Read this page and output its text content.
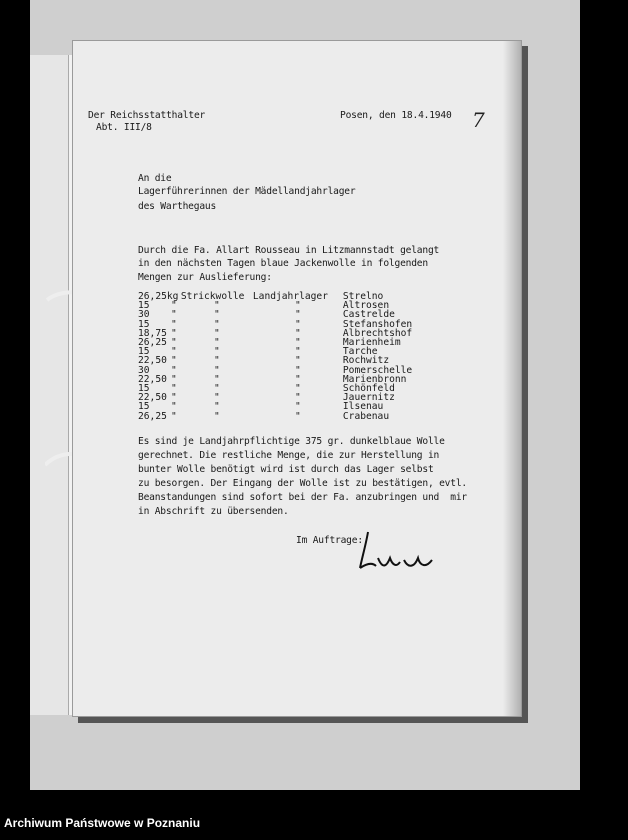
Der Reichsstatthalter
Abt. III/8
Posen, den 18.4.1940 7
An die
Lagerführerinnen der Mädellandjahrlager
des Warthegaus
Durch die Fa. Allart Rousseau in Litzmannstadt gelangt
in den nächsten Tagen blaue Jackenwolle in folgenden
Mengen zur Auslieferung:
26,25	kg	Strickwolle	Landjahrlager	Strelno
15	"	"	"	Altrosen
30	"	"	"	Castrelde
15	"	"	"	Stefanshofen
18,75	"	"	"	Albrechtshof
26,25	"	"	"	Marienheim
15	"	"	"	Tarche
22,50	"	"	"	Rochwitz
30	"	"	"	Pomerschelle
22,50	"	"	"	Marienbronn
15	"	"	"	Schönfeld
22,50	"	"	"	Jauernitz
15	"	"	"	Ilsenau
26,25	"	"	"	Crabenau
Es sind je Landjahrpflichtige 375 gr. dunkelblaue Wolle
gerechnet. Die restliche Menge, die zur Herstellung in
bunter Wolle benötigt wird ist durch das Lager selbst
zu besorgen. Der Eingang der Wolle ist zu bestätigen, evtl.
Beanstandungen sind sofort bei der Fa. anzubringen und  mir
in Abschrift zu übersenden.
Im Auftrage:
Archiwum Państwowe w Poznaniu
